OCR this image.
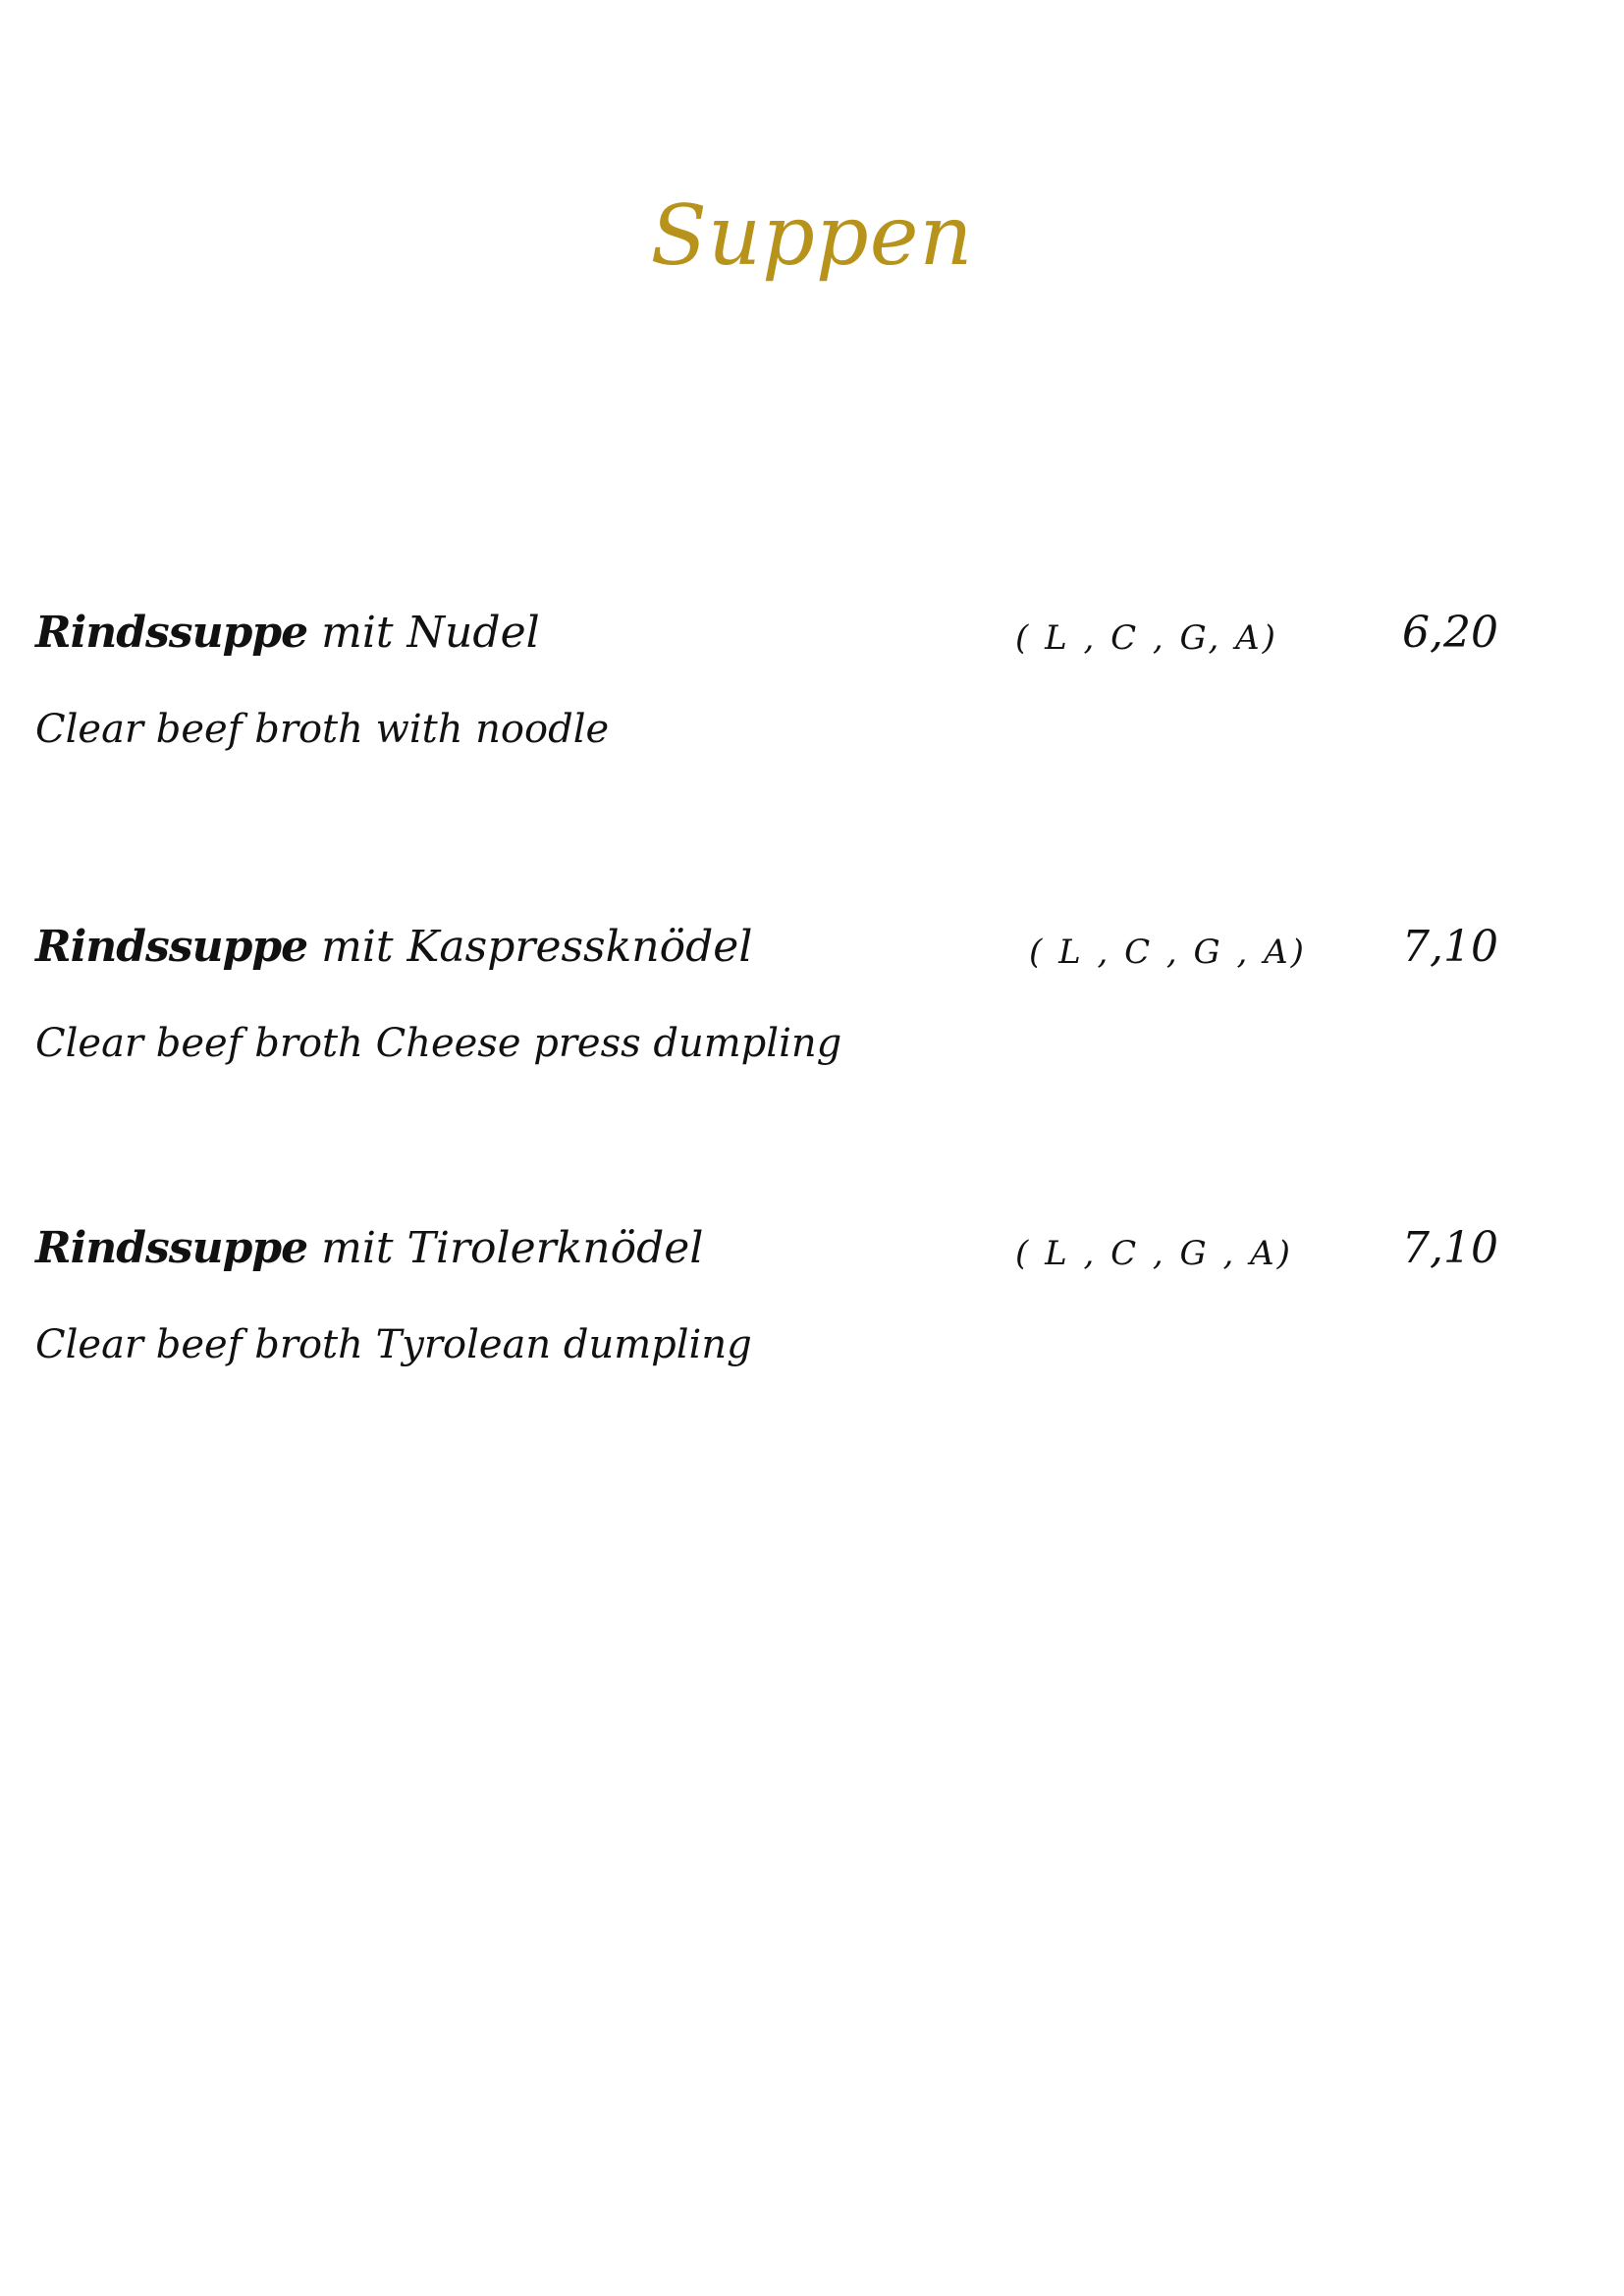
Suppen
Rindssuppe mit Nudel	( L , C , G, A)	6,20
Clear beef broth with noodle
Rindssuppe mit Kaspressknödel	( L , C , G , A) 7,10
Clear beef broth Cheese press dumpling
Rindssuppe mit Tirolerknödel	( L , C , G , A)	7,10
Clear beef broth Tyrolean dumpling
